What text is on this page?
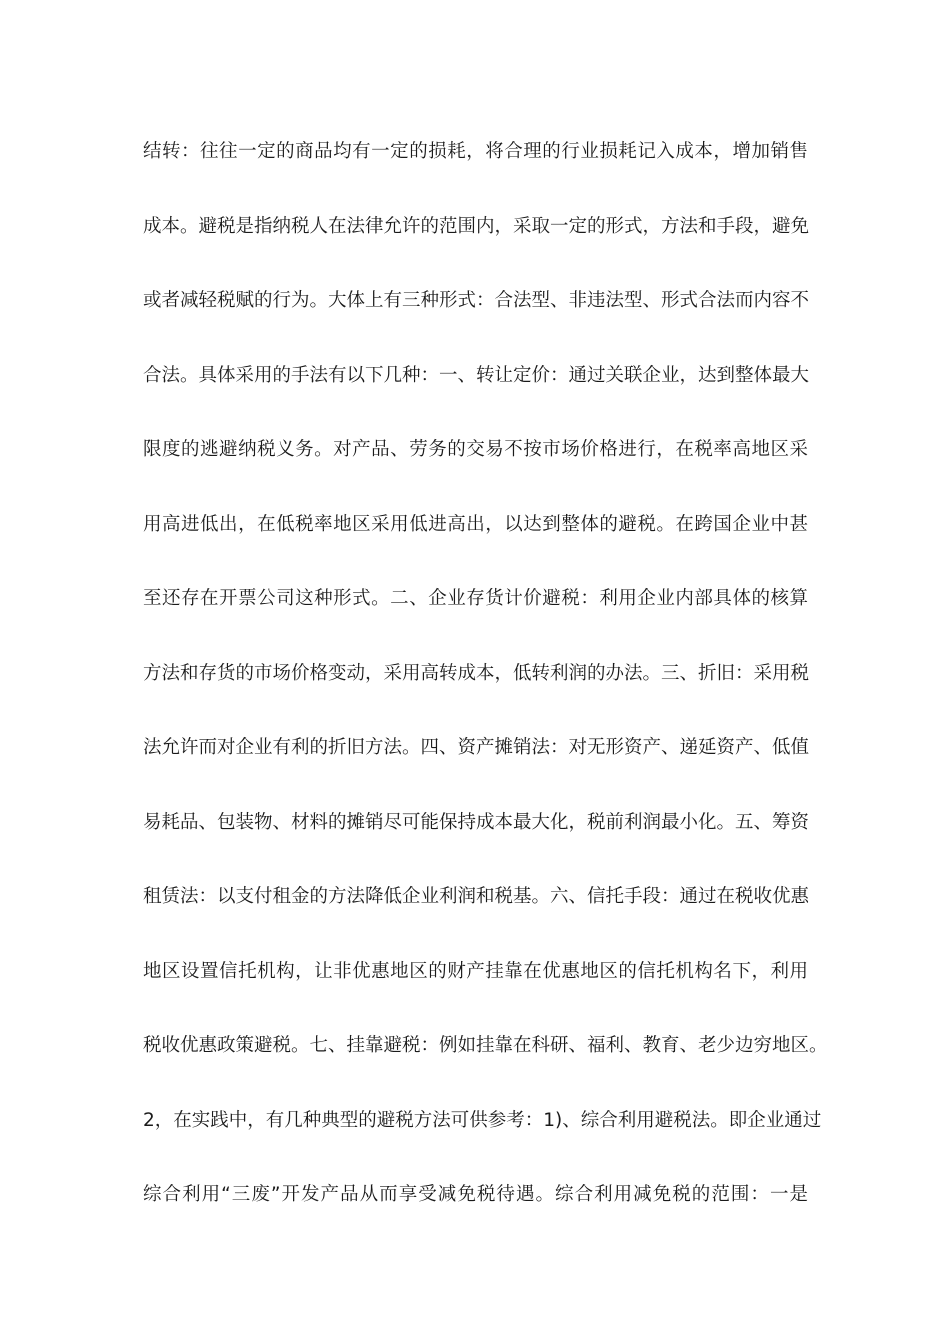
结转：往往一定的商品均有一定的损耗，将合理的行业损耗记入成本，增加销售
成本。避税是指纳税人在法律允许的范围内，采取一定的形式，方法和手段，避免
或者减轻税赋的行为。大体上有三种形式：合法型、非违法型、形式合法而内容不
合法。具体采用的手法有以下几种：一、转让定价：通过关联企业，达到整体最大
限度的逃避纳税义务。对产品、劳务的交易不按市场价格进行，在税率高地区采
用高进低出，在低税率地区采用低进高出，以达到整体的避税。在跨国企业中甚
至还存在开票公司这种形式。二、企业存货计价避税：利用企业内部具体的核算
方法和存货的市场价格变动，采用高转成本，低转利润的办法。三、折旧：采用税
法允许而对企业有利的折旧方法。四、资产摊销法：对无形资产、递延资产、低值
易耗品、包装物、材料的摊销尽可能保持成本最大化，税前利润最小化。五、筹资
租赁法：以支付租金的方法降低企业利润和税基。六、信托手段：通过在税收优惠
地区设置信托机构，让非优惠地区的财产挂靠在优惠地区的信托机构名下，利用
税收优惠政策避税。七、挂靠避税：例如挂靠在科研、福利、教育、老少边穷地区。
2，在实践中，有几种典型的避税方法可供参考：1)、综合利用避税法。即企业通过
综合利用“三废”开发产品从而享受减免税待遇。综合利用减免税的范围：一是
